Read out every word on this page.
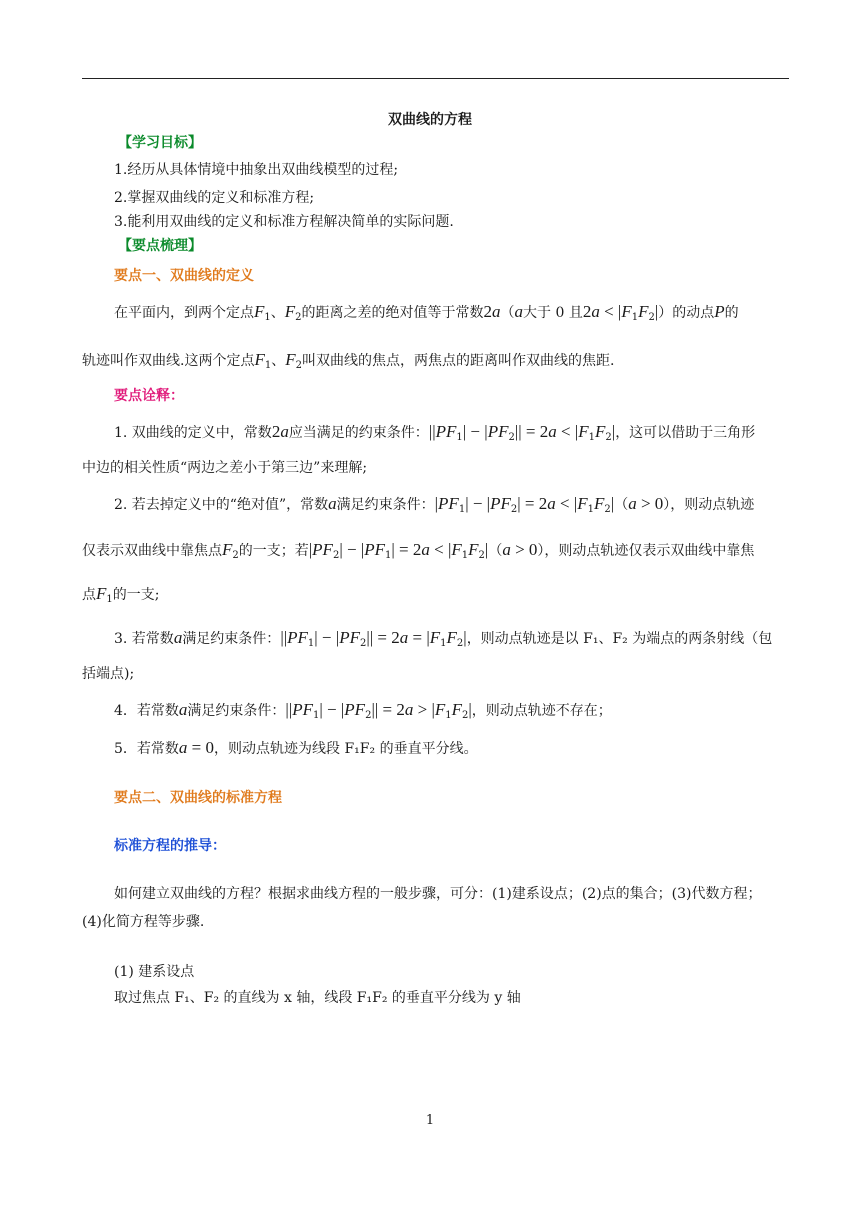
双曲线的方程
【学习目标】
1.经历从具体情境中抽象出双曲线模型的过程;
2.掌握双曲线的定义和标准方程;
3.能利用双曲线的定义和标准方程解决简单的实际问题.
【要点梳理】
要点一、双曲线的定义
在平面内，到两个定点$F_1$、$F_2$的距离之差的绝对值等于常数2a（a大于 0 且$2a < |F_1F_2|$）的动点P的
轨迹叫作双曲线.这两个定点$F_1$、$F_2$叫双曲线的焦点，两焦点的距离叫作双曲线的焦距.
要点诠释：
1. 双曲线的定义中，常数2a应当满足的约束条件：$||PF_1| - |PF_2|| = 2a < |F_1F_2|$，这可以借助于三角形
中边的相关性质“两边之差小于第三边”来理解;
2. 若去掉定义中的“绝对值”，常数a满足约束条件：$|PF_1| - |PF_2| = 2a < |F_1F_2|(a > 0)$，则动点轨迹
仅表示双曲线中靠焦点$F_2$的一支；若$|PF_2| - |PF_1| = 2a < |F_1F_2|(a > 0)$，则动点轨迹仅表示双曲线中靠焦
点$F_1$的一支;
3. 若常数a满足约束条件：$||PF_1| - |PF_2|| = 2a = |F_1F_2|$，则动点轨迹是以 F₁、F₂ 为端点的两条射线（包
括端点);
4．若常数a满足约束条件：$||PF_1| - |PF_2|| = 2a > |F_1F_2|$，则动点轨迹不存在；
5．若常数a = 0，则动点轨迹为线段 F₁F₂ 的垂直平分线。
要点二、双曲线的标准方程
标准方程的推导：
如何建立双曲线的方程？根据求曲线方程的一般步骤，可分：(1)建系设点；(2)点的集合；(3)代数方程；
(4)化简方程等步骤.
(1) 建系设点
取过焦点 F₁、F₂ 的直线为 x 轴，线段 F₁F₂ 的垂直平分线为 y 轴
1
